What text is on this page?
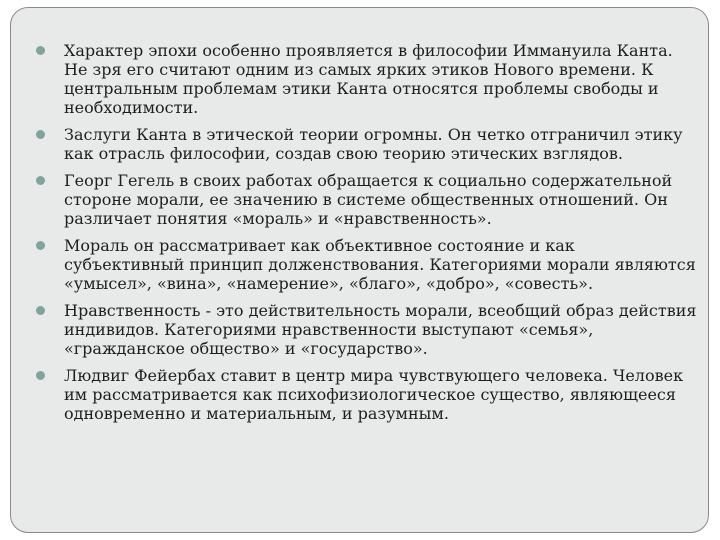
Характер эпохи особенно проявляется в философии Иммануила Канта. Не зря его считают одним из самых ярких этиков Нового времени. К центральным проблемам этики Канта относятся проблемы свободы и необходимости.
Заслуги Канта в этической теории огромны. Он четко отграничил этику как отрасль философии, создав свою теорию этических взглядов.
Георг Гегель в своих работах обращается к социально содержательной стороне морали, ее значению в системе общественных отношений. Он различает понятия «мораль» и «нравственность».
Мораль он рассматривает как объективное состояние и как субъективный принцип долженствования. Категориями морали являются «умысел», «вина», «намерение», «благо», «добро», «совесть».
Нравственность - это действительность морали, всеобщий образ действия индивидов. Категориями нравственности выступают «семья», «гражданское общество» и «государство».
Людвиг Фейербах ставит в центр мира чувствующего человека. Человек им рассматривается как психофизиологическое существо, являющееся одновременно и материальным, и разумным.
